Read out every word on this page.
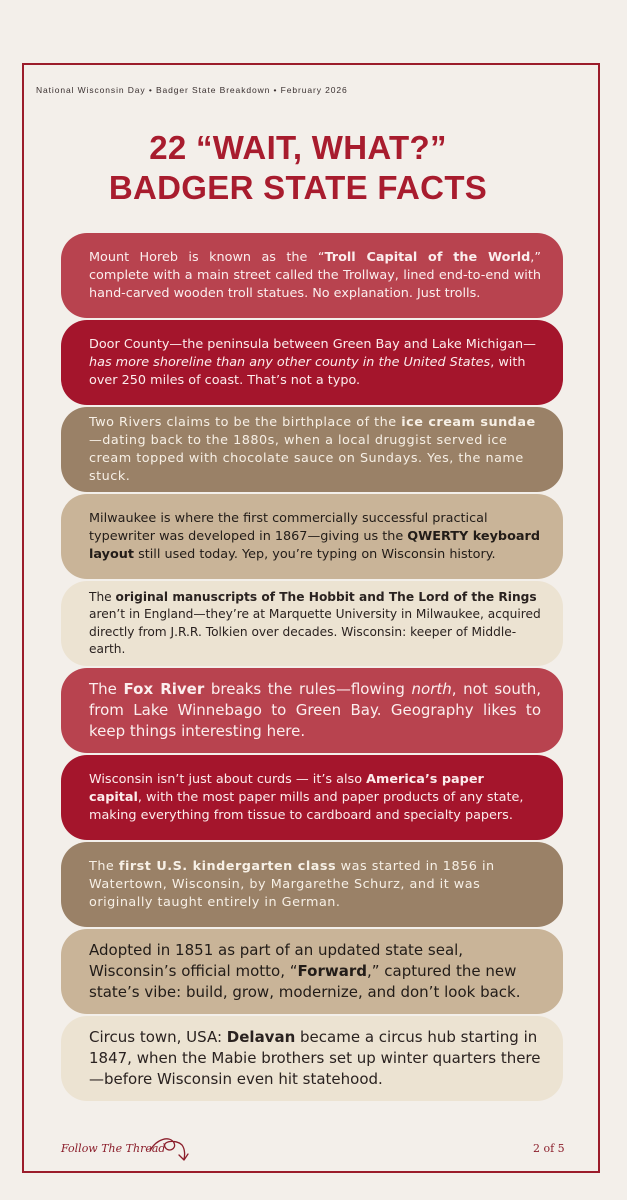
National Wisconsin Day • Badger State Breakdown • February 2026
22 “WAIT, WHAT?”
BADGER STATE FACTS

Mount Horeb is known as the “Troll Capital of the World,” complete with a main street called the Trollway, lined end-to-end with hand-carved wooden troll statues. No explanation. Just trolls.

Door County—the peninsula between Green Bay and Lake Michigan—has more shoreline than any other county in the United States, with over 250 miles of coast. That’s not a typo.

Two Rivers claims to be the birthplace of the ice cream sundae—dating back to the 1880s, when a local druggist served ice cream topped with chocolate sauce on Sundays. Yes, the name stuck.

Milwaukee is where the first commercially successful practical typewriter was developed in 1867—giving us the QWERTY keyboard layout still used today. Yep, you’re typing on Wisconsin history.

The original manuscripts of The Hobbit and The Lord of the Rings aren’t in England—they’re at Marquette University in Milwaukee, acquired directly from J.R.R. Tolkien over decades. Wisconsin: keeper of Middle-earth.

The Fox River breaks the rules—flowing north, not south, from Lake Winnebago to Green Bay. Geography likes to keep things interesting here.

Wisconsin isn’t just about curds — it’s also America’s paper capital, with the most paper mills and paper products of any state, making everything from tissue to cardboard and specialty papers.

The first U.S. kindergarten class was started in 1856 in Watertown, Wisconsin, by Margarethe Schurz, and it was originally taught entirely in German.

Adopted in 1851 as part of an updated state seal, Wisconsin’s official motto, “Forward,” captured the new state’s vibe: build, grow, modernize, and don’t look back.

Circus town, USA: Delavan became a circus hub starting in 1847, when the Mabie brothers set up winter quarters there—before Wisconsin even hit statehood.

Follow The Thread	2 of 5
